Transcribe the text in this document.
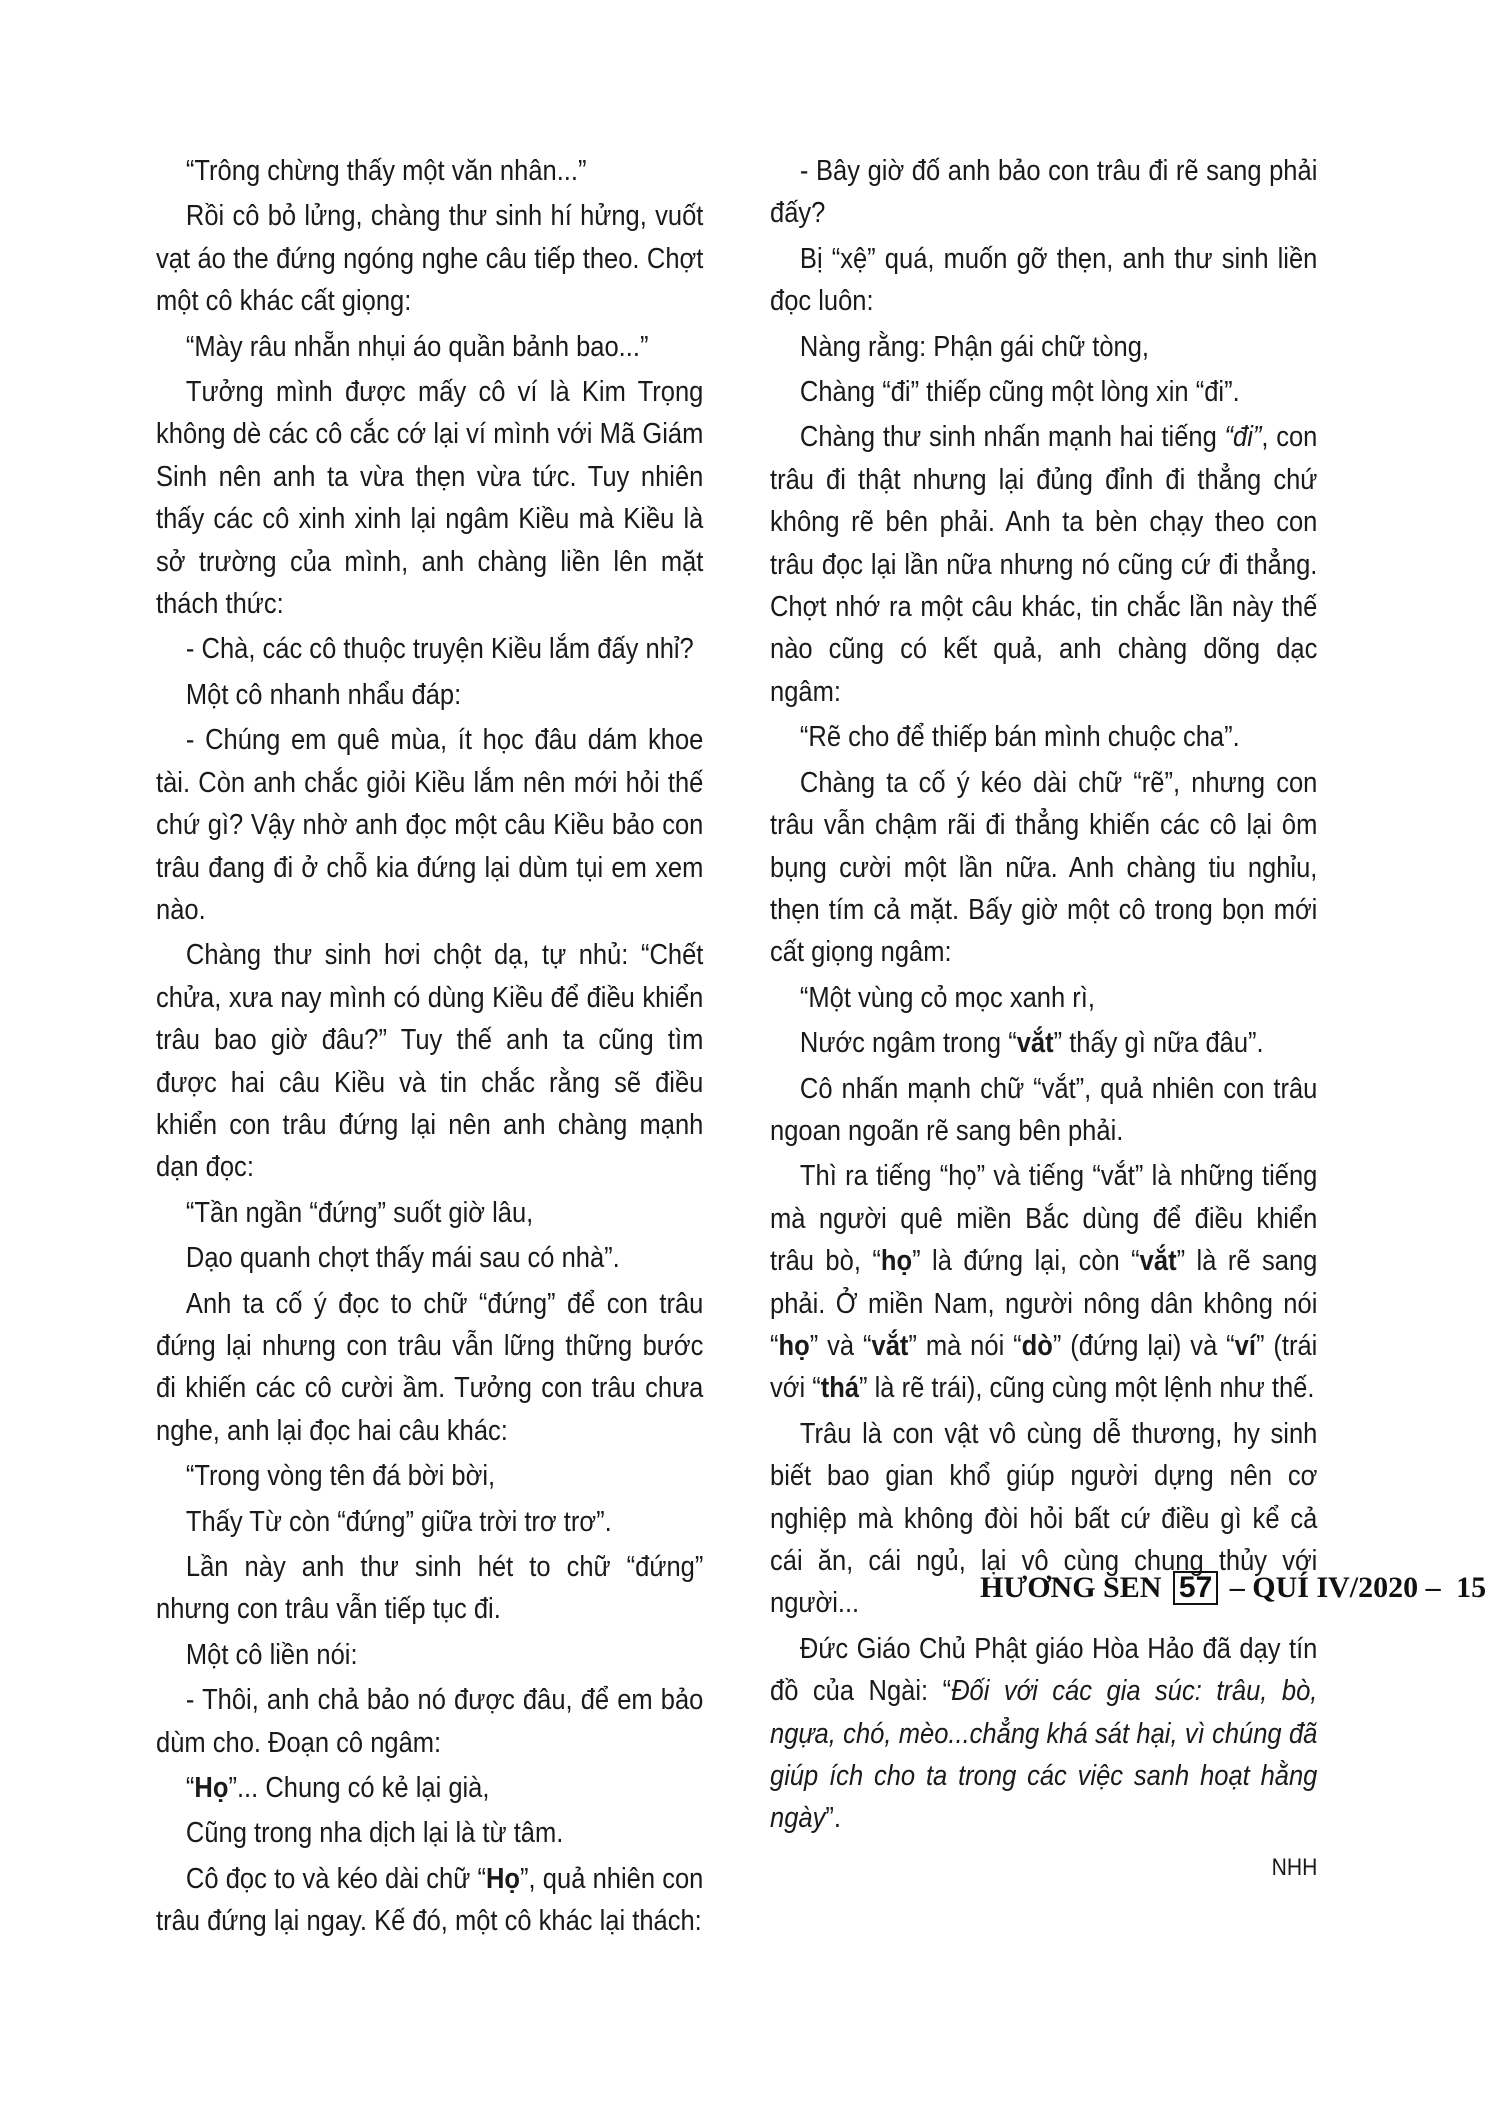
“Trông chừng thấy một văn nhân...”

Rồi cô bỏ lửng, chàng thư sinh hí hửng, vuốt vạt áo the đứng ngóng nghe câu tiếp theo. Chợt một cô khác cất giọng:

“Mày râu nhẵn nhụi áo quần bảnh bao...”

Tưởng mình được mấy cô ví là Kim Trọng không dè các cô cắc cớ lại ví mình với Mã Giám Sinh nên anh ta vừa thẹn vừa tức. Tuy nhiên thấy các cô xinh xinh lại ngâm Kiều mà Kiều là sở trường của mình, anh chàng liền lên mặt thách thức:

- Chà, các cô thuộc truyện Kiều lắm đấy nhỉ?

Một cô nhanh nhẩu đáp:

- Chúng em quê mùa, ít học đâu dám khoe tài. Còn anh chắc giỏi Kiều lắm nên mới hỏi thế chứ gì? Vậy nhờ anh đọc một câu Kiều bảo con trâu đang đi ở chỗ kia đứng lại dùm tụi em xem nào.

Chàng thư sinh hơi chột dạ, tự nhủ: “Chết chửa, xưa nay mình có dùng Kiều để điều khiển trâu bao giờ đâu?” Tuy thế anh ta cũng tìm được hai câu Kiều và tin chắc rằng sẽ điều khiển con trâu đứng lại nên anh chàng mạnh dạn đọc:

“Tần ngần “đứng” suốt giờ lâu,

Dạo quanh chợt thấy mái sau có nhà”.

Anh ta cố ý đọc to chữ “đứng” để con trâu đứng lại nhưng con trâu vẫn lững thững bước đi khiến các cô cười ầm. Tưởng con trâu chưa nghe, anh lại đọc hai câu khác:

“Trong vòng tên đá bời bời,

Thấy Từ còn “đứng” giữa trời trơ trơ”.

Lần này anh thư sinh hét to chữ “đứng” nhưng con trâu vẫn tiếp tục đi.

Một cô liền nói:

- Thôi, anh chả bảo nó được đâu, để em bảo dùm cho. Đoạn cô ngâm:

“Họ”... Chung có kẻ lại già,

Cũng trong nha dịch lại là từ tâm.

Cô đọc to và kéo dài chữ “Họ”, quả nhiên con trâu đứng lại ngay. Kế đó, một cô khác lại thách:

- Bây giờ đố anh bảo con trâu đi rẽ sang phải đấy?

Bị “xệ” quá, muốn gỡ thẹn, anh thư sinh liền đọc luôn:

Nàng rằng: Phận gái chữ tòng,

Chàng “đi” thiếp cũng một lòng xin “đi”.

Chàng thư sinh nhấn mạnh hai tiếng “đi”, con trâu đi thật nhưng lại đủng đỉnh đi thẳng chứ không rẽ bên phải. Anh ta bèn chạy theo con trâu đọc lại lần nữa nhưng nó cũng cứ đi thẳng. Chợt nhớ ra một câu khác, tin chắc lần này thế nào cũng có kết quả, anh chàng dõng dạc ngâm:

“Rẽ cho để thiếp bán mình chuộc cha”.

Chàng ta cố ý kéo dài chữ “rẽ”, nhưng con trâu vẫn chậm rãi đi thẳng khiến các cô lại ôm bụng cười một lần nữa. Anh chàng tiu nghỉu, thẹn tím cả mặt. Bấy giờ một cô trong bọn mới cất giọng ngâm:

“Một vùng cỏ mọc xanh rì,

Nước ngâm trong “vắt” thấy gì nữa đâu”.

Cô nhấn mạnh chữ “vắt”, quả nhiên con trâu ngoan ngoãn rẽ sang bên phải.

Thì ra tiếng “họ” và tiếng “vắt” là những tiếng mà người quê miền Bắc dùng để điều khiển trâu bò, “họ” là đứng lại, còn “vắt” là rẽ sang phải. Ở miền Nam, người nông dân không nói “họ” và “vắt” mà nói “dò” (đứng lại) và “ví” (trái với “thá” là rẽ trái), cũng cùng một lệnh như thế.

Trâu là con vật vô cùng dễ thương, hy sinh biết bao gian khổ giúp người dựng nên cơ nghiệp mà không đòi hỏi bất cứ điều gì kể cả cái ăn, cái ngủ, lại vô cùng chung thủy với người...

Đức Giáo Chủ Phật giáo Hòa Hảo đã dạy tín đồ của Ngài: “Đối với các gia súc: trâu, bò, ngựa, chó, mèo...chẳng khá sát hại, vì chúng đã giúp ích cho ta trong các việc sanh hoạt hằng ngày”.

NHH

HƯƠNG SEN 57 – QUÍ IV/2020 – 15
